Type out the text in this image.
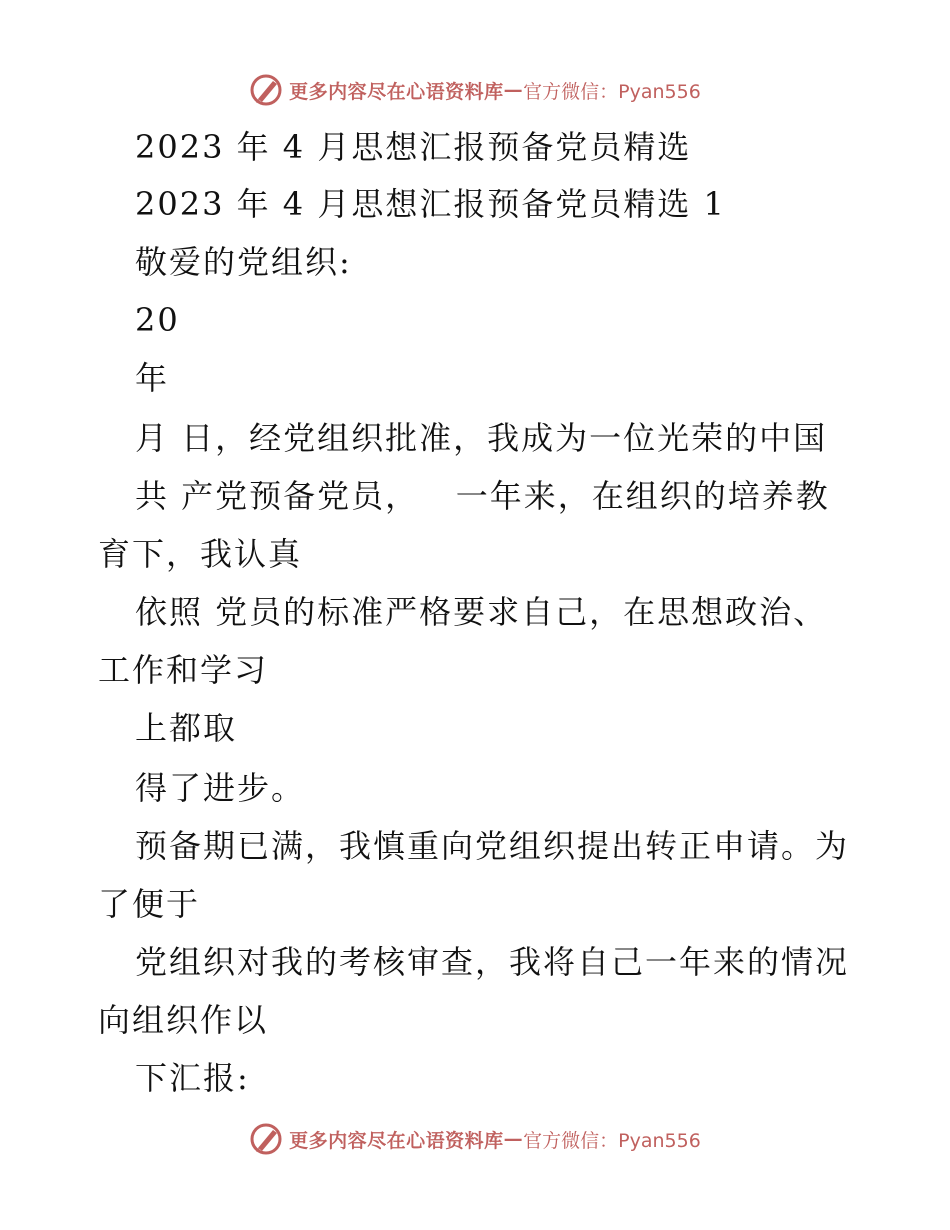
更多内容尽在心语资料库 — 官方微信：Pyan556
2023 年 4 月思想汇报预备党员精选
2023 年 4 月思想汇报预备党员精选 1
敬爱的党组织:
20
年
月 日，经党组织批准，我成为一位光荣的中国
共 产党预备党员，   一年来，在组织的培养教
育下，我认真
依照 党员的标准严格要求自己，在思想政治、
工作和学习
上都取
得了进步。
预备期已满，我慎重向党组织提出转正申请。为
了便于
党组织对我的考核审查，我将自己一年来的情况
向组织作以
下汇报:
更多内容尽在心语资料库 — 官方微信：Pyan556
